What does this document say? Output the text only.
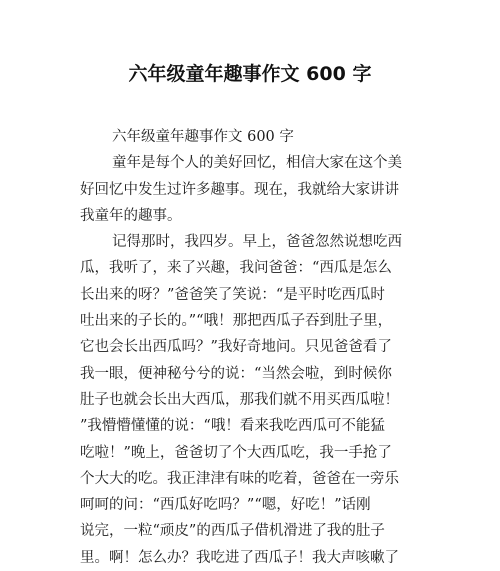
六年级童年趣事作文 600 字
六年级童年趣事作文 600 字
童年是每个人的美好回忆，相信大家在这个美
好回忆中发生过许多趣事。现在，我就给大家讲讲
我童年的趣事。
记得那时，我四岁。早上，爸爸忽然说想吃西
瓜，我听了，来了兴趣，我问爸爸：“西瓜是怎么
长出来的呀？”爸爸笑了笑说：“是平时吃西瓜时
吐出来的子长的。”“哦！那把西瓜子吞到肚子里，
它也会长出西瓜吗？”我好奇地问。只见爸爸看了
我一眼，便神秘兮兮的说：“当然会啦，到时候你
肚子也就会长出大西瓜，那我们就不用买西瓜啦！
”我懵懵懂懂的说：“哦！看来我吃西瓜可不能猛
吃啦！”晚上，爸爸切了个大西瓜吃，我一手抢了
个大大的吃。我正津津有味的吃着，爸爸在一旁乐
呵呵的问：“西瓜好吃吗？”“嗯，好吃！”话刚
说完，一粒“顽皮”的西瓜子借机滑进了我的肚子
里。啊！怎么办？我吃进了西瓜子！我大声咳嗽了
